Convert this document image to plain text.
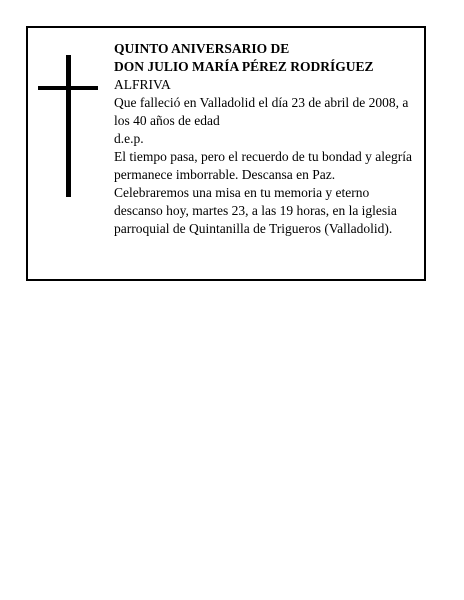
QUINTO ANIVERSARIO DE

DON JULIO MARÍA PÉREZ RODRÍGUEZ

ALFRIVA

Que falleció en Valladolid el día 23 de abril de 2008, a los 40 años de edad

d.e.p.

El tiempo pasa, pero el recuerdo de tu bondad y alegría permanece imborrable. Descansa en Paz.

Celebraremos una misa en tu memoria y eterno descanso hoy, martes 23, a las 19 horas, en la iglesia parroquial de Quintanilla de Trigueros (Valladolid).
